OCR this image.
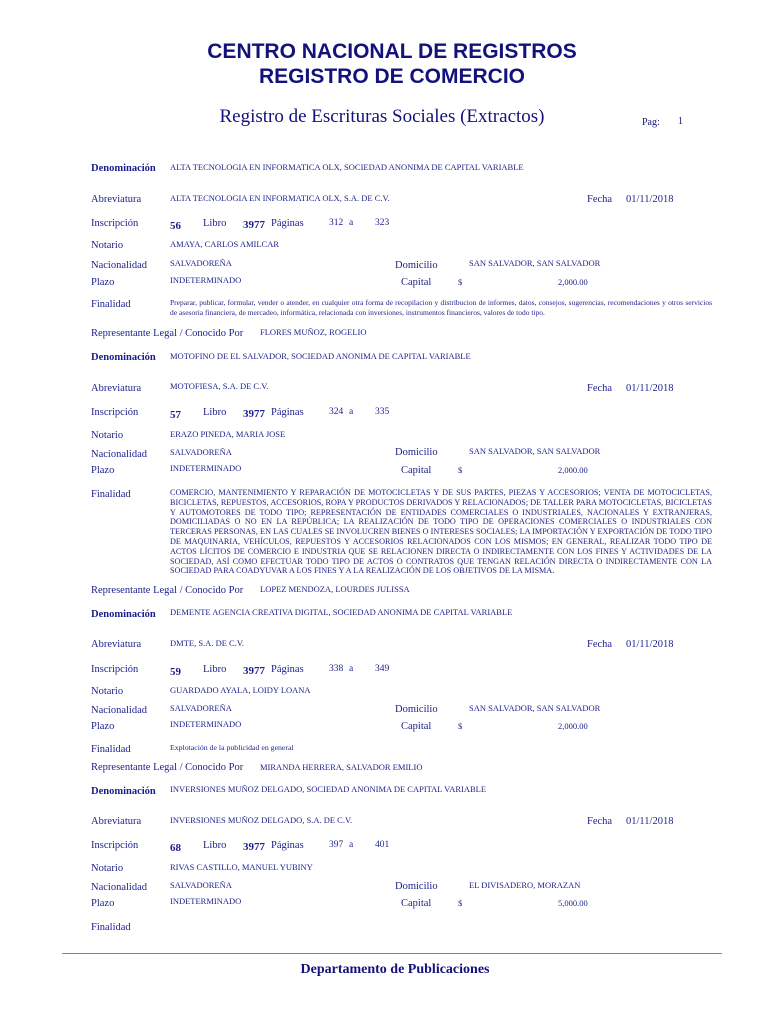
CENTRO NACIONAL DE REGISTROS
REGISTRO DE COMERCIO
Registro de Escrituras Sociales (Extractos)	Pag: 1
Denominación ALTA TECNOLOGIA EN INFORMATICA OLX, SOCIEDAD ANONIMA DE CAPITAL VARIABLE
Abreviatura	ALTA TECNOLOGIA EN INFORMATICA OLX, S.A. DE C.V.	Fecha 01/11/2018
Inscripción	56 Libro 3977 Páginas	312 a 323
Notario	AMAYA, CARLOS AMILCAR
Nacionalidad	SALVADOREÑA	Domicilio	SAN SALVADOR, SAN SALVADOR
Plazo	INDETERMINADO	Capital	$	2,000.00
Finalidad	Preparar, publicar, formular, vender o atender, en cualquier otra forma de recopilacion y distribucion de informes, datos, consejos, sugerencias, recomendaciones y otros servicios de asesoria financiera, de mercadeo, informática, relacionada con inversiones, instrumentos financieros, valores de todo tipo.
Representante Legal / Conocido Por FLORES MUÑOZ, ROGELIO
Denominación MOTOFINO DE EL SALVADOR, SOCIEDAD ANONIMA DE CAPITAL VARIABLE
Abreviatura	MOTOFIESA, S.A. DE C.V.	Fecha 01/11/2018
Inscripción	57 Libro 3977 Páginas	324 a 335
Notario	ERAZO PINEDA, MARIA JOSE
Nacionalidad	SALVADOREÑA	Domicilio	SAN SALVADOR, SAN SALVADOR
Plazo	INDETERMINADO	Capital	$	2,000.00
Finalidad	COMERCIO, MANTENIMIENTO Y REPARACIÓN DE MOTOCICLETAS Y DE SUS PARTES, PIEZAS Y ACCESORIOS; VENTA DE MOTOCICLETAS, BICICLETAS, REPUESTOS, ACCESORIOS, ROPA Y PRODUCTOS DERIVADOS Y RELACIONADOS; DE TALLER PARA MOTOCICLETAS, BICICLETAS Y AUTOMOTORES DE TODO TIPO; REPRESENTACIÓN DE ENTIDADES COMERCIALES O INDUSTRIALES, NACIONALES Y EXTRANJERAS, DOMICILIADAS O NO EN LA REPÚBLICA; LA REALIZACIÓN DE TODO TIPO DE OPERACIONES COMERCIALES O INDUSTRIALES CON TERCERAS PERSONAS, EN LAS CUALES SE INVOLUCREN BIENES O INTERESES SOCIALES; LA IMPORTACIÓN Y EXPORTACIÓN DE TODO TIPO DE MAQUINARIA, VEHÍCULOS, REPUESTOS Y ACCESORIOS RELACIONADOS CON LOS MISMOS; EN GENERAL, REALIZAR TODO TIPO DE ACTOS LÍCITOS DE COMERCIO E INDUSTRIA QUE SE RELACIONEN DIRECTA O INDIRECTAMENTE CON LOS FINES Y ACTIVIDADES DE LA SOCIEDAD, ASÍ COMO EFECTUAR TODO TIPO DE ACTOS O CONTRATOS QUE TENGAN RELACIÓN DIRECTA O INDIRECTAMENTE CON LA SOCIEDAD PARA COADYUVAR A LOS FINES Y A LA REALIZACIÓN DE LOS OBJETIVOS DE LA MISMA.
Representante Legal / Conocido Por LOPEZ MENDOZA, LOURDES JULISSA
Denominación DEMENTE AGENCIA CREATIVA DIGITAL, SOCIEDAD ANONIMA DE CAPITAL VARIABLE
Abreviatura	DMTE, S.A. DE C.V.	Fecha 01/11/2018
Inscripción	59 Libro 3977 Páginas	338 a 349
Notario	GUARDADO AYALA, LOIDY LOANA
Nacionalidad	SALVADOREÑA	Domicilio	SAN SALVADOR, SAN SALVADOR
Plazo	INDETERMINADO	Capital	$	2,000.00
Finalidad	Explotación de la publicidad en general
Representante Legal / Conocido Por MIRANDA HERRERA, SALVADOR EMILIO
Denominación INVERSIONES MUÑOZ DELGADO, SOCIEDAD ANONIMA DE CAPITAL VARIABLE
Abreviatura	INVERSIONES MUÑOZ DELGADO, S.A. DE C.V.	Fecha 01/11/2018
Inscripción	68 Libro 3977 Páginas	397 a 401
Notario	RIVAS CASTILLO, MANUEL YUBINY
Nacionalidad	SALVADOREÑA	Domicilio	EL DIVISADERO, MORAZAN
Plazo	INDETERMINADO	Capital	$	5,000.00
Finalidad
Departamento de Publicaciones
